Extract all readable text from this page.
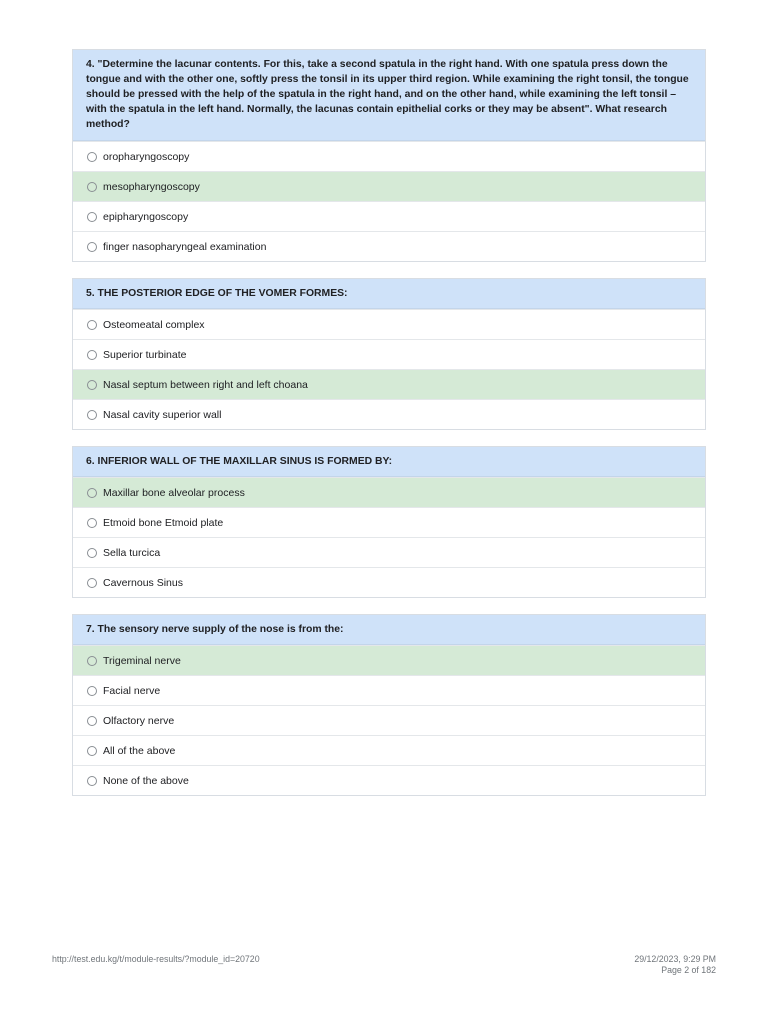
4. "Determine the lacunar contents. For this, take a second spatula in the right hand. With one spatula press down the tongue and with the other one, softly press the tonsil in its upper third region. While examining the right tonsil, the tongue should be pressed with the help of the spatula in the right hand, and on the other hand, while examining the left tonsil – with the spatula in the left hand. Normally, the lacunas contain epithelial corks or they may be absent". What research method?
oropharyngoscopy
mesopharyngoscopy
epipharyngoscopy
finger nasopharyngeal examination
5. THE POSTERIOR EDGE OF THE VOMER FORMES:
Osteomeatal complex
Superior turbinate
Nasal septum between right and left choana
Nasal cavity superior wall
6. INFERIOR WALL OF THE MAXILLAR SINUS IS FORMED BY:
Maxillar bone alveolar process
Etmoid bone Etmoid plate
Sella turcica
Cavernous Sinus
7. The sensory nerve supply of the nose is from the:
Trigeminal nerve
Facial nerve
Olfactory nerve
All of the above
None of the above
http://test.edu.kg/t/module-results/?module_id=20720	29/12/2023, 9:29 PM
Page 2 of 182
